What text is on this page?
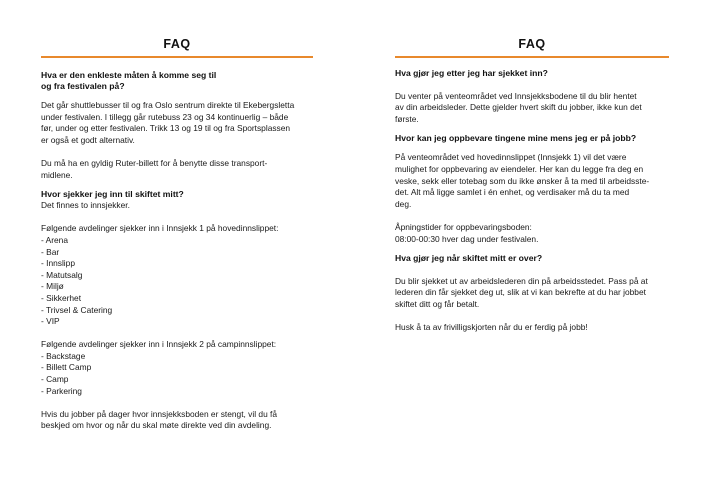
FAQ

Hva er den enkleste måten å komme seg til
og fra festivalen på?

Det går shuttlebusser til og fra Oslo sentrum direkte til Ekebergsletta
under festivalen. I tillegg går rutebuss 23 og 34 kontinuerlig – både
før, under og etter festivalen. Trikk 13 og 19 til og fra Sportsplassen
er også et godt alternativ.

Du må ha en gyldig Ruter-billett for å benytte disse transport-
midlene.

Hvor sjekker jeg inn til skiftet mitt?

Det finnes to innsjekker.

Følgende avdelinger sjekker inn i Innsjekk 1 på hovedinnslippet:

- Arena
- Bar
- Innslipp
- Matutsalg
- Miljø
- Sikkerhet
- Trivsel & Catering
- VIP

Følgende avdelinger sjekker inn i Innsjekk 2 på campinnslippet:

- Backstage
- Billett Camp
- Camp
- Parkering

Hvis du jobber på dager hvor innsjekksboden er stengt, vil du få
beskjed om hvor og når du skal møte direkte ved din avdeling.

FAQ

Hva gjør jeg etter jeg har sjekket inn?

Du venter på venteområdet ved Innsjekksbodene til du blir hentet
av din arbeidsleder. Dette gjelder hvert skift du jobber, ikke kun det
første.

Hvor kan jeg oppbevare tingene mine mens jeg er på jobb?

På venteområdet ved hovedinnslippet (Innsjekk 1) vil det være
mulighet for oppbevaring av eiendeler. Her kan du legge fra deg en
veske, sekk eller totebag som du ikke ønsker å ta med til arbeidsste-
det. Alt må ligge samlet i én enhet, og verdisaker må du ta med
deg.

Åpningstider for oppbevaringsboden:
08:00-00:30 hver dag under festivalen.

Hva gjør jeg når skiftet mitt er over?

Du blir sjekket ut av arbeidslederen din på arbeidsstedet. Pass på at
lederen din får sjekket deg ut, slik at vi kan bekrefte at du har jobbet
skiftet ditt og får betalt.

Husk å ta av frivilligskjorten når du er ferdig på jobb!
